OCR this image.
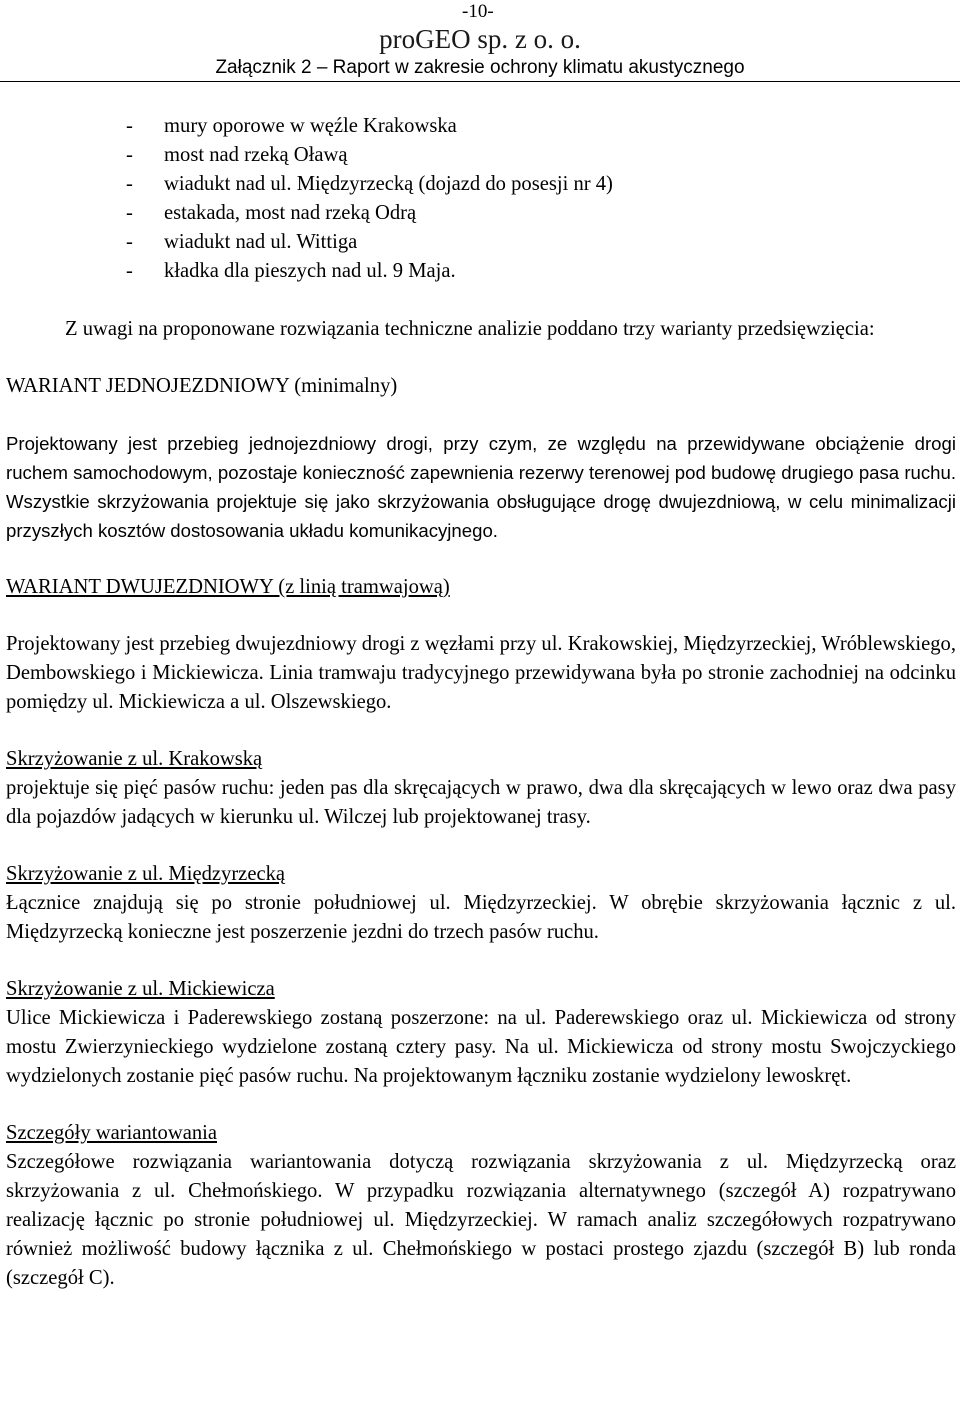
-10-
proGEO sp. z o. o.
Załącznik 2 – Raport w zakresie ochrony klimatu akustycznego
- mury oporowe w węźle Krakowska
- most nad rzeką Oławą
- wiadukt nad ul. Międzyrzecką (dojazd do posesji nr 4)
- estakada, most nad rzeką Odrą
- wiadukt nad ul. Wittiga
- kładka dla pieszych nad ul. 9 Maja.

Z uwagi na proponowane rozwiązania techniczne analizie poddano trzy warianty przedsięwzięcia:

WARIANT JEDNOJEZDNIOWY (minimalny)

Projektowany jest przebieg jednojezdniowy drogi, przy czym, ze względu na przewidywane obciążenie drogi ruchem samochodowym, pozostaje konieczność zapewnienia rezerwy terenowej pod budowę drugiego pasa ruchu. Wszystkie skrzyżowania projektuje się jako skrzyżowania obsługujące drogę dwujezdniową, w celu minimalizacji przyszłych kosztów dostosowania układu komunikacyjnego.

WARIANT DWUJEZDNIOWY (z linią tramwajową)

Projektowany jest przebieg dwujezdniowy drogi z węzłami przy ul. Krakowskiej, Międzyrzeckiej, Wróblewskiego, Dembowskiego i Mickiewicza. Linia tramwaju tradycyjnego przewidywana była po stronie zachodniej na odcinku pomiędzy ul. Mickiewicza a ul. Olszewskiego.

Skrzyżowanie z ul. Krakowską

projektuje się pięć pasów ruchu: jeden pas dla skręcających w prawo, dwa dla skręcających w lewo oraz dwa pasy dla pojazdów jadących w kierunku ul. Wilczej lub projektowanej trasy.

Skrzyżowanie z ul. Międzyrzecką

Łącznice znajdują się po stronie południowej ul. Międzyrzeckiej. W obrębie skrzyżowania łącznic z ul. Międzyrzecką konieczne jest poszerzenie jezdni do trzech pasów ruchu.

Skrzyżowanie z ul. Mickiewicza

Ulice Mickiewicza i Paderewskiego zostaną poszerzone: na ul. Paderewskiego oraz ul. Mickiewicza od strony mostu Zwierzynieckiego wydzielone zostaną cztery pasy. Na ul. Mickiewicza od strony mostu Swojczyckiego wydzielonych zostanie pięć pasów ruchu. Na projektowanym łączniku zostanie wydzielony lewoskręt.

Szczegóły wariantowania

Szczegółowe rozwiązania wariantowania dotyczą rozwiązania skrzyżowania z ul. Międzyrzecką oraz skrzyżowania z ul. Chełmońskiego. W przypadku rozwiązania alternatywnego (szczegół A) rozpatrywano realizację łącznic po stronie południowej ul. Międzyrzeckiej. W ramach analiz szczegółowych rozpatrywano również możliwość budowy łącznika z ul. Chełmońskiego w postaci prostego zjazdu (szczegół B) lub ronda (szczegół C).
